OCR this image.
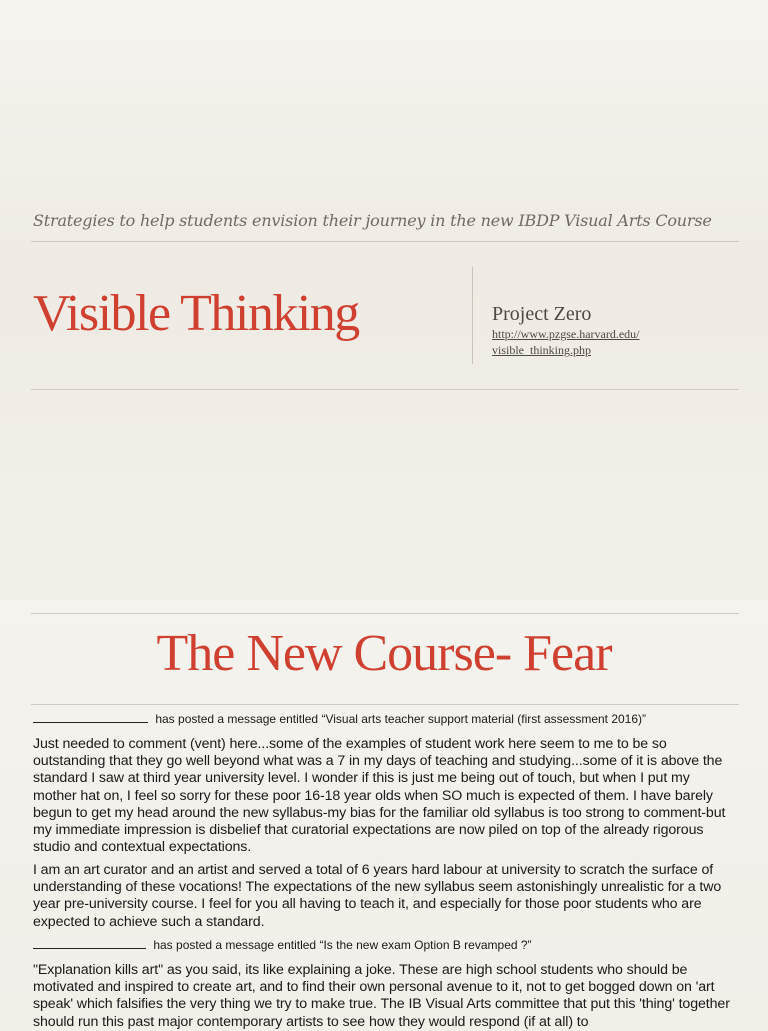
Strategies to help students envision their journey in the new IBDP Visual Arts Course
Visible Thinking	Project Zero
http://www.pzgse.harvard.edu/
visible_thinking.php
The New Course- Fear
has posted a message entitled “Visual arts teacher support material (first assessment 2016)”
Just needed to comment (vent) here...some of the examples of student work here seem to me to be so outstanding that they go well beyond what was a 7 in my days of teaching and studying...some of it is above the standard I saw at third year university level. I wonder if this is just me being out of touch, but when I put my mother hat on, I feel so sorry for these poor 16-18 year olds when SO much is expected of them. I have barely begun to get my head around the new syllabus-my bias for the familiar old syllabus is too strong to comment-but my immediate impression is disbelief that curatorial expectations are now piled on top of the already rigorous studio and contextual expectations.
I am an art curator and an artist and served a total of 6 years hard labour at university to scratch the surface of understanding of these vocations! The expectations of the new syllabus seem astonishingly unrealistic for a two year pre-university course. I feel for you all having to teach it, and especially for those poor students who are expected to achieve such a standard.
has posted a message entitled “Is the new exam Option B revamped ?”
"Explanation kills art" as you said, its like explaining a joke. These are high school students who should be motivated and inspired to create art, and to find their own personal avenue to it, not to get bogged down on 'art speak' which falsifies the very thing we try to make true. The IB Visual Arts committee that put this 'thing' together should run this past major contemporary artists to see how they would respond (if at all) to
